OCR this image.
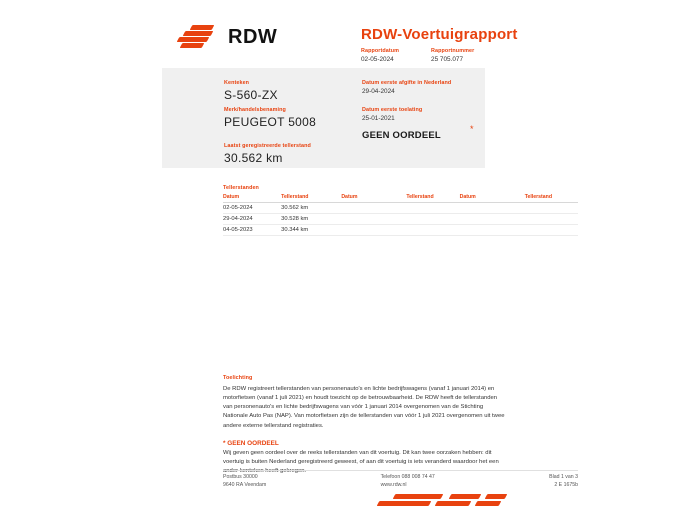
RDW	RDW-Voertuigrapport
Rapportdatum
02-05-2024
Rapportnummer
25 705.077
Kenteken
S-560-ZX
Merk/handelsbenaming
PEUGEOT 5008
Laatst geregistreerde tellerstand
30.562 km
Datum eerste afgifte in Nederland
29-04-2024
Datum eerste toelating
25-01-2021
GEEN OORDEEL
*
Tellerstanden
Datum	Tellerstand	Datum	Tellerstand	Datum	Tellerstand
02-05-2024	30.562 km				
29-04-2024	30.528 km				
04-05-2023	30.344 km				
Toelichting

De RDW registreert tellerstanden van personenauto's en lichte bedrijfswagens (vanaf 1 januari 2014) en motorfietsen (vanaf 1 juli 2021) en houdt toezicht op de betrouwbaarheid. De RDW heeft de tellerstanden van personenauto's en lichte bedrijfswagens van vóór 1 januari 2014 overgenomen van de Stichting Nationale Auto Pas (NAP). Van motorfietsen zijn de tellerstanden van vóór 1 juli 2021 overgenomen uit twee andere externe tellerstand registraties.

* GEEN OORDEEL

Wij geven geen oordeel over de reeks tellerstanden van dit voertuig. Dit kan twee oorzaken hebben: dit voertuig is buiten Nederland geregistreerd geweest, of aan dit voertuig is iets veranderd waardoor het een ander kenteken heeft gekregen.

Postbus 30000
9640 RA Veendam
Telefoon 088 008 74 47
www.rdw.nl
Blad 1 van 3
2 E 1675b
